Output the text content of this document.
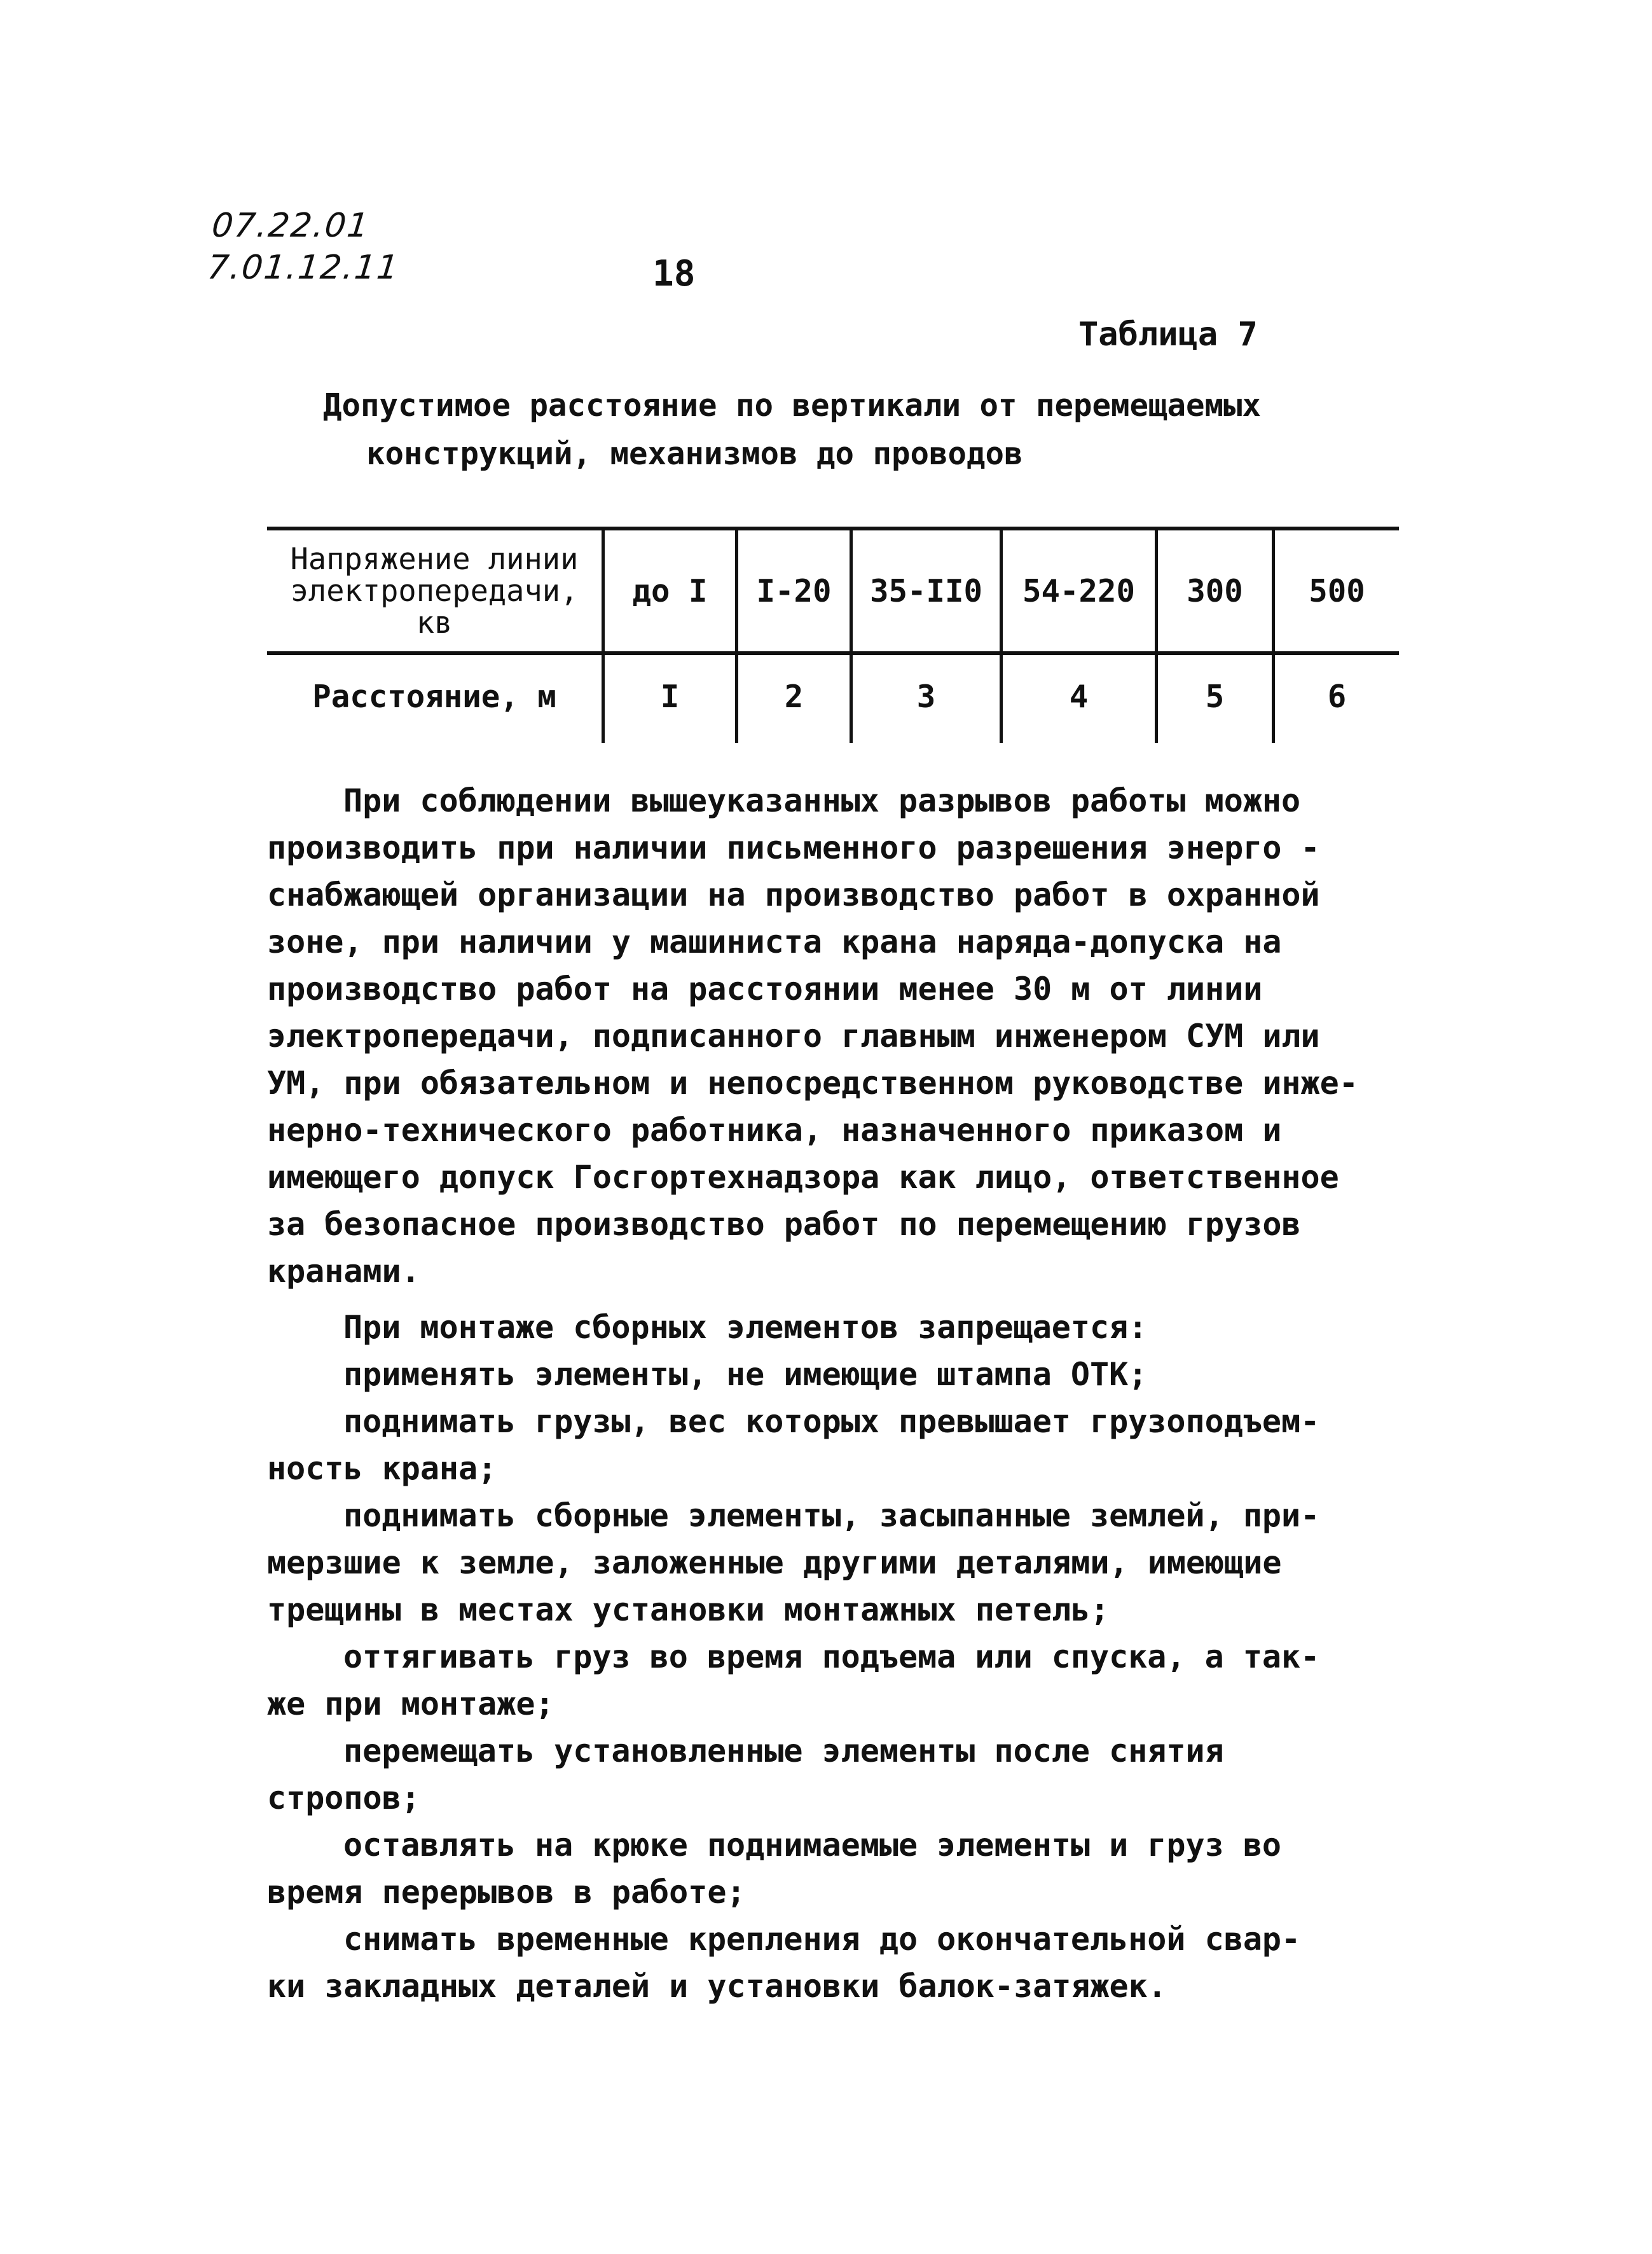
07.22.01
7.01.12.11	18
Таблица 7
Допустимое расстояние по вертикали от перемещаемых
конструкций, механизмов до проводов
Напряжение линии
электропередачи,
кв
до I	I-20	35-II0	54-220	300	500
Расстояние, м	I	2	3	4	5	6
При соблюдении вышеуказанных разрывов работы можно
производить при наличии письменного разрешения энерго -
снабжающей организации на производство работ в охранной
зоне, при наличии у машиниста крана наряда-допуска на
производство работ на расстоянии менее 30 м от линии
электропередачи, подписанного главным инженером СУМ или
УМ, при обязательном и непосредственном руководстве инже-
нерно-технического работника, назначенного приказом и
имеющего допуск Госгортехнадзора как лицо, ответственное
за безопасное производство работ по перемещению грузов
кранами.
При монтаже сборных элементов запрещается:
применять элементы, не имеющие штампа ОТК;
поднимать грузы, вес которых превышает грузоподъем-
ность крана;
поднимать сборные элементы, засыпанные землей, при-
мерзшие к земле, заложенные другими деталями, имеющие
трещины в местах установки монтажных петель;
оттягивать груз во время подъема или спуска, а так-
же при монтаже;
перемещать установленные элементы после снятия
стропов;
оставлять на крюке поднимаемые элементы и груз во
время перерывов в работе;
снимать временные крепления до окончательной свар-
ки закладных деталей и установки балок-затяжек.
